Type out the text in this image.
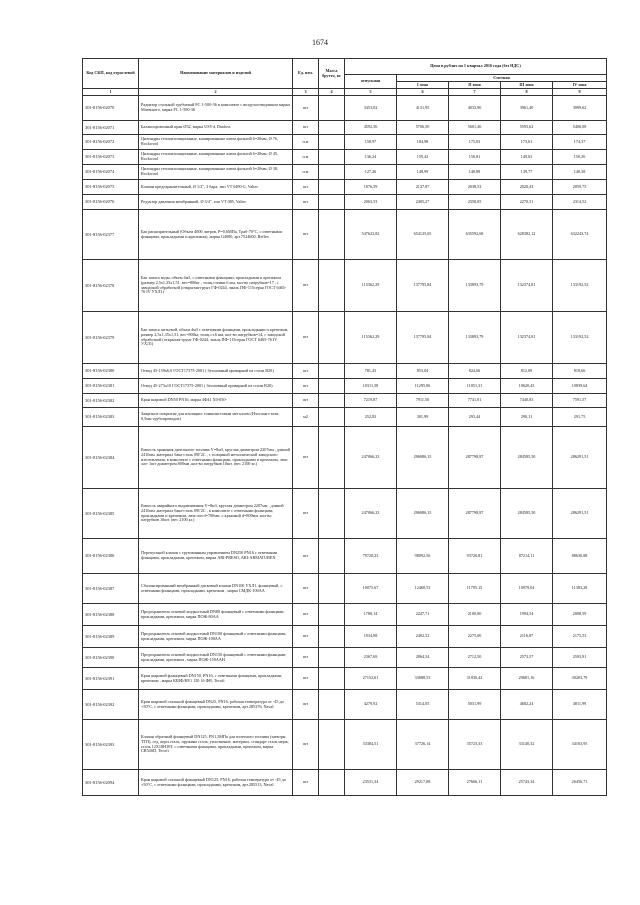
1674
Код СКП, код отраслевой	Наименование материалов и изделий	Ед. изм.	Масса брутто, кг	Цена в рублях на 1 квартал 2016 года (без НДС)				
				отпускная	Сметная			
					I зона	II зона	III зона	IV зона
1	2	3	4	5	6	7	8	9
301-8156-02070	Радиатор стальной трубчатый РС 1-500-36 в комплекте с воздухоотводчиком марки Маевского, марка РС 1-500-36	шт		3453,02	4131,95	4033,90	3961,40	3999,62
301-8156-02071	Балансировочный кран Ø32, марка USVd, Danfoss	шт		4592,36	5706,50	5601,46	5593,62	5406,08
301-8156-02072	Цилиндры теплоизоляционные, кашированные алюм.фольгой δ=20мм, Ø 76, Rockwool	п.м		158,97	184,98	175,03	173,61	174,37
301-8156-02073	Цилиндры теплоизоляционные, кашированные алюм.фольгой δ=20мм, Ø 45, Rockwool	п.м		136,24	159,43	150,81	149,63	150,26
301-8156-02074	Цилиндры теплоизоляционные, кашированные алюм.фольгой δ=20мм, Ø 38, Rockwool	п.м		127,26	148,99	140,89	139,77	140,38
301-8156-02075	Клапан предохранительный, Ø 1/2", 3 бара, тип VT 0490 G, Valtec	шт		1876,59	2137,87	2038,52	2020,43	2059,75
301-8156-02076	Редуктор давления мембранный, Ø 3/4", тип VT 085, Valtec	шт		2063,53	2405,27	2358,05	2270,31	2314,52
301-8156-02377	Бак расширительный (Объем 4000 литров, P=0,6МПа, Tраб-70°С, с ответными фланцами, прокладками и крепежом), марка G4000, арт.7524600, Reflex	шт		547623,82	654125,65	635592,68	628382,12	632243,74
301-8156-02378	Бак запаса воды, объем 4м3, с ответными фланцами, прокладками и крепежом (размер 2,5х1,35х1,51, вес=800кг , толщ.стенки 6 мм, кол-во патрубков=17 , с заводской обработкой (открытая-грунт ГФ-0244, эмаль ПФ-115серая ГОСТ 6465-76 IV УХЛ1)	шт		115362,29	137795,84	133893,79	132374,81	133192,52
301-8156-02379	Бак запаса питьевой, объем 4м3 с ответными фланцами, прокладками и крепежом, размер 2,5х1,35х1,51, вес=800кг, толщ.ст.6 мм, кол-во патрубков=14, с заводской обработкой (открытая-грунт ГФ-0244, эмаль ПФ-115серая ГОСТ 6465-76 IV УХЛ1)	шт		115362,29	137795,84	133893,79	132374,81	133192,52
301-8156-02380	Отвод 45-159х6,0 ГОСТ17375-2001 ( бесшовный приварной из стали В20)	шт		781,43	853,04	824,66	812,09	818,66
301-8156-02381	Отвод 45-273х10 ГОСТ17375-2001 ( бесшовный приварной из стали В20)	шт		10311,58	11295,06	11051,31	10620,43	10839,64
301-8156-02382	Кран шаровой DN50 PN16, марка 4Ф41 Х0-050-	шт		7219,87	7911,50	7741,01	7440,83	7591,57
301-8156-02383	Защитное покрытие для изоляции: тонколистовым металлом (Изоспан-стали, 0,5мм трубопроводов)	м2		252,83	301,99	293,44	290,11	291,75
301-8156-02384	Емкость хранения дизельного топлива V=8м3, круглая диаметром 2207мм , длиной 2410мм ,материал бака-сталь 09Г2С , с толщиной металлической заводского изготовления, в комплекте с ответными фланцами, прокладками и крепежом, люк-лаз- 1шт диаметром 800мм ,кол-во патрубков 10шт. (вес 2100 кг.)	шт		247066,23	296086,15	287798,87	284585,50	286291,51
301-8156-02385	Емкость аварийного выдавливания V=8м3, круглая диаметром 2207мм , длиной 2410мм ,материал бака-сталь 09Г2С , в комплекте с ответными фланцами, прокладками и крепежом, люк-лаз d=700мм ,с крышкой d=800мм ,кол-во патрубков 10шт. (вес 2100 кг.)	шт		247066,23	296086,15	287798,87	284585,50	286291,51
301-8156-02386	Перепускной клапан с грузовинным управлением DN250 PN16 с ответными фланцами, прокладками, крепежом, марка ARI-PRESO, ARI-ARMATUREN	шт		79720,23	98092,56	93726,81	87214,11	88630,88
301-8156-02387	Сбалансированный мембранный дисковый клапан DN100 УХЛ1, фланцевый, с ответными фланцами, прокладками, крепежом , марка СМДК-100АА	шт		10075,67	12460,53	11795,15	10979,04	11383,28
301-8156-02388	Предохранитель огневой жидкостный DN80 фланцевый с ответными фланцами, прокладками, крепежом, марка ПОЖ-80АА	шт		1780,14	2247,71	2100,00	1994,54	2008,59
301-8156-02389	Предохранитель огневой жидкостный DN100 фланцевый с ответными фланцами, прокладками, крепежом, марка ПОЖ-100АА	шт		1934,98	2402,52	2275,00	2116,87	2175,53
301-8156-02390	Предохранитель огневой жидкостный DN150 фланцевый с ответными фланцами, прокладками, крепежом , марка ПОЖ-150ААН	шт		2367,69	2864,54	2712,50	2573,57	2593,91
301-8156-02391	Кран шаровой фланцевый DN150, PN16, с ответными фланцами, прокладками, крепежом , марка КШФ/КЕ1 150 16 ФВ, Tecofi	шт		27152,61	33688,53	31930,42	29681,16	30203,79
301-8156-02392	Кран шаровой стальной фланцевый DN25, PN16, рабочая температура от -45 до +50°С, с ответными фланцами, прокладками, крепежом, арт.285376, Naval	шт		4279,92	5314,05	5031,99	4682,24	4811,99
301-8156-02393	Клапан обратный фланцевый DN125, PN1,5МПа для взлетного топлива (затворы ТГП), сед. корп.сталь, пружина сталь, уплотнение, материал, стандарт сталь нерж, сталь 12Х18Н10Т, с ответными фланцами, прокладками, крепежом, марка CB54SD, Tecofi	шт		33384,51	37726,14	35723,33	33140,32	34163,95
301-8156-02094	Кран шаровой стальной фланцевый DN125, PN16, рабочая температура от -45 до +50°С, с ответными фланцами, прокладками, крепежом, арт.285513, Naval	шт		23531,34	29217,08	27666,11	25743,34	26456,71
